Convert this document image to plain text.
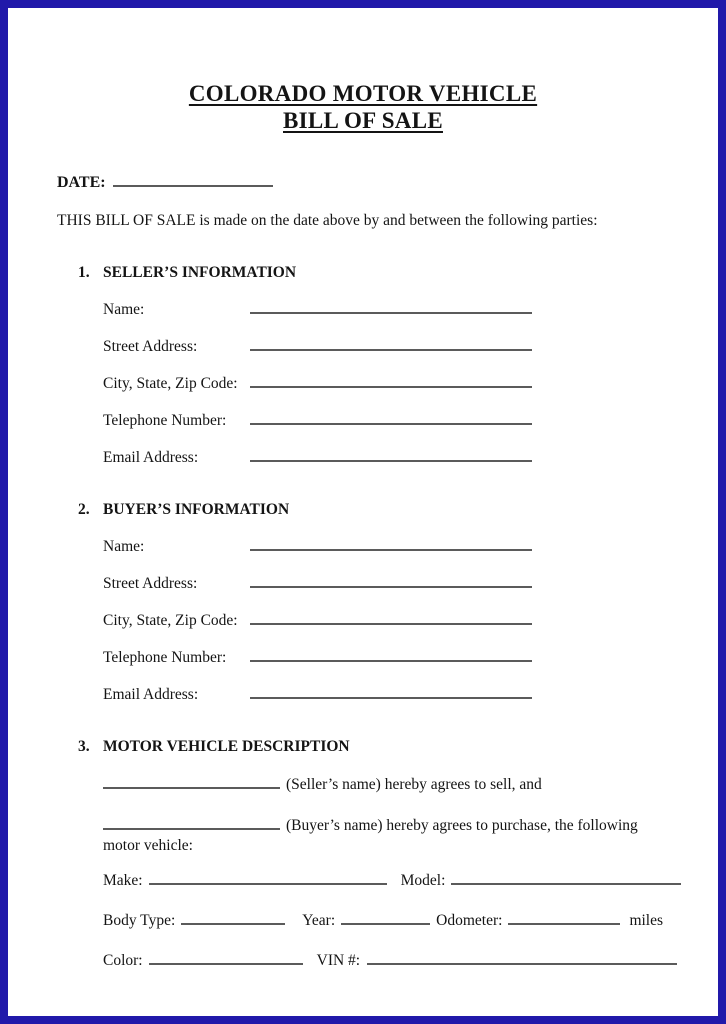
COLORADO MOTOR VEHICLE
BILL OF SALE
DATE:
THIS BILL OF SALE is made on the date above by and between the following parties:
1. SELLER’S INFORMATION
Name:
Street Address:
City, State, Zip Code:
Telephone Number:
Email Address:
2. BUYER’S INFORMATION
Name:
Street Address:
City, State, Zip Code:
Telephone Number:
Email Address:
3. MOTOR VEHICLE DESCRIPTION
(Seller’s name) hereby agrees to sell, and
(Buyer’s name) hereby agrees to purchase, the following
motor vehicle:
Make:	Model:
Body Type:	Year:	Odometer:	miles
Color:	VIN #:
